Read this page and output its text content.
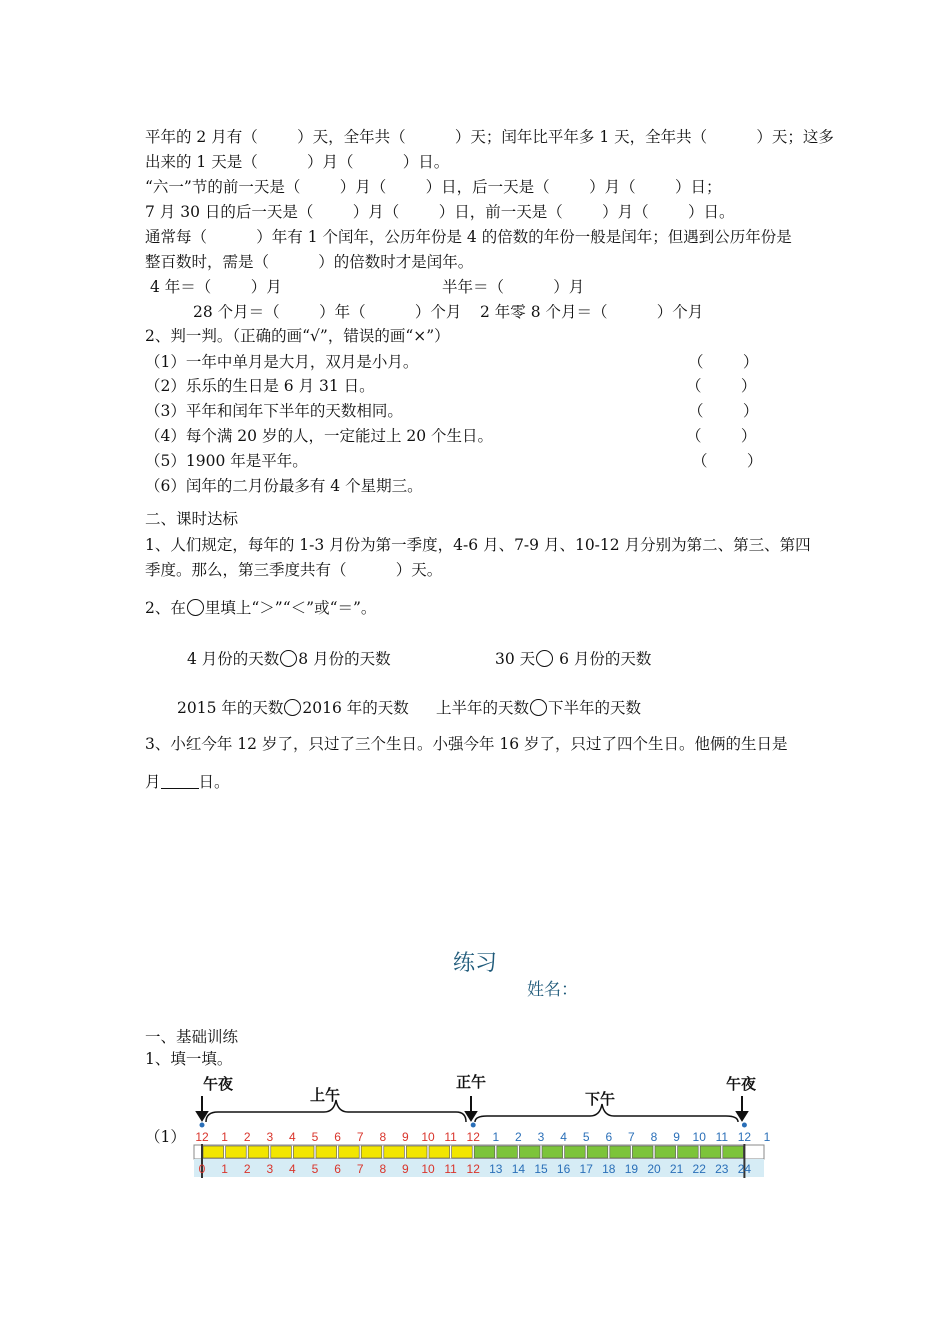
平年的 2 月有（        ）天，全年共（          ）天；闰年比平年多 1 天，全年共（          ）天；这多
出来的 1 天是（          ）月（          ）日。
“六一”节的前一天是（        ）月（        ）日，后一天是（        ）月（        ）日；
7 月 30 日的后一天是（        ）月（        ）日，前一天是（        ）月（        ）日。
通常每（          ）年有 1 个闰年，公历年份是 4 的倍数的年份一般是闰年；但遇到公历年份是
整百数时，需是（          ）的倍数时才是闰年。
4 年＝（        ）月	半年＝（          ）月
28 个月＝（        ）年（          ）个月 2 年零 8 个月＝（          ）个月
2、判一判。（正确的画“√”，错误的画“×”）
（1）一年中单月是大月，双月是小月。	（        ）
（2）乐乐的生日是 6 月 31 日。	（        ）
（3）平年和闰年下半年的天数相同。	（        ）
（4）每个满 20 岁的人，一定能过上 20 个生日。	（        ）
（5）1900 年是平年。	（        ）
（6）闰年的二月份最多有 4 个星期三。
二、课时达标
1、人们规定，每年的 1-3 月份为第一季度，4-6 月、7-9 月、10-12 月分别为第二、第三、第四
季度。那么，第三季度共有（          ）天。
2、在 里填上“＞”“＜”或“＝”。
4 月份的天数 8 月份的天数	30 天 6 月份的天数
2015 年的天数 2016 年的天数 上半年的天数 下半年的天数
3、小红今年 12 岁了，只过了三个生日。小强今年 16 岁了，只过了四个生日。他俩的生日是
月 日。
练习
姓名：
一、基础训练
1、填一填。
（1）
午夜	正午	午夜
上午	下午
12 1 2 3 4 5 6 7 8 9 10 11 12 1 2 3 4 5 6 7 8 9 10 11 12 1
0 1 2 3 4 5 6 7 8 9 10 11 12 13 14 15 16 17 18 19 20 21 22 23 24
